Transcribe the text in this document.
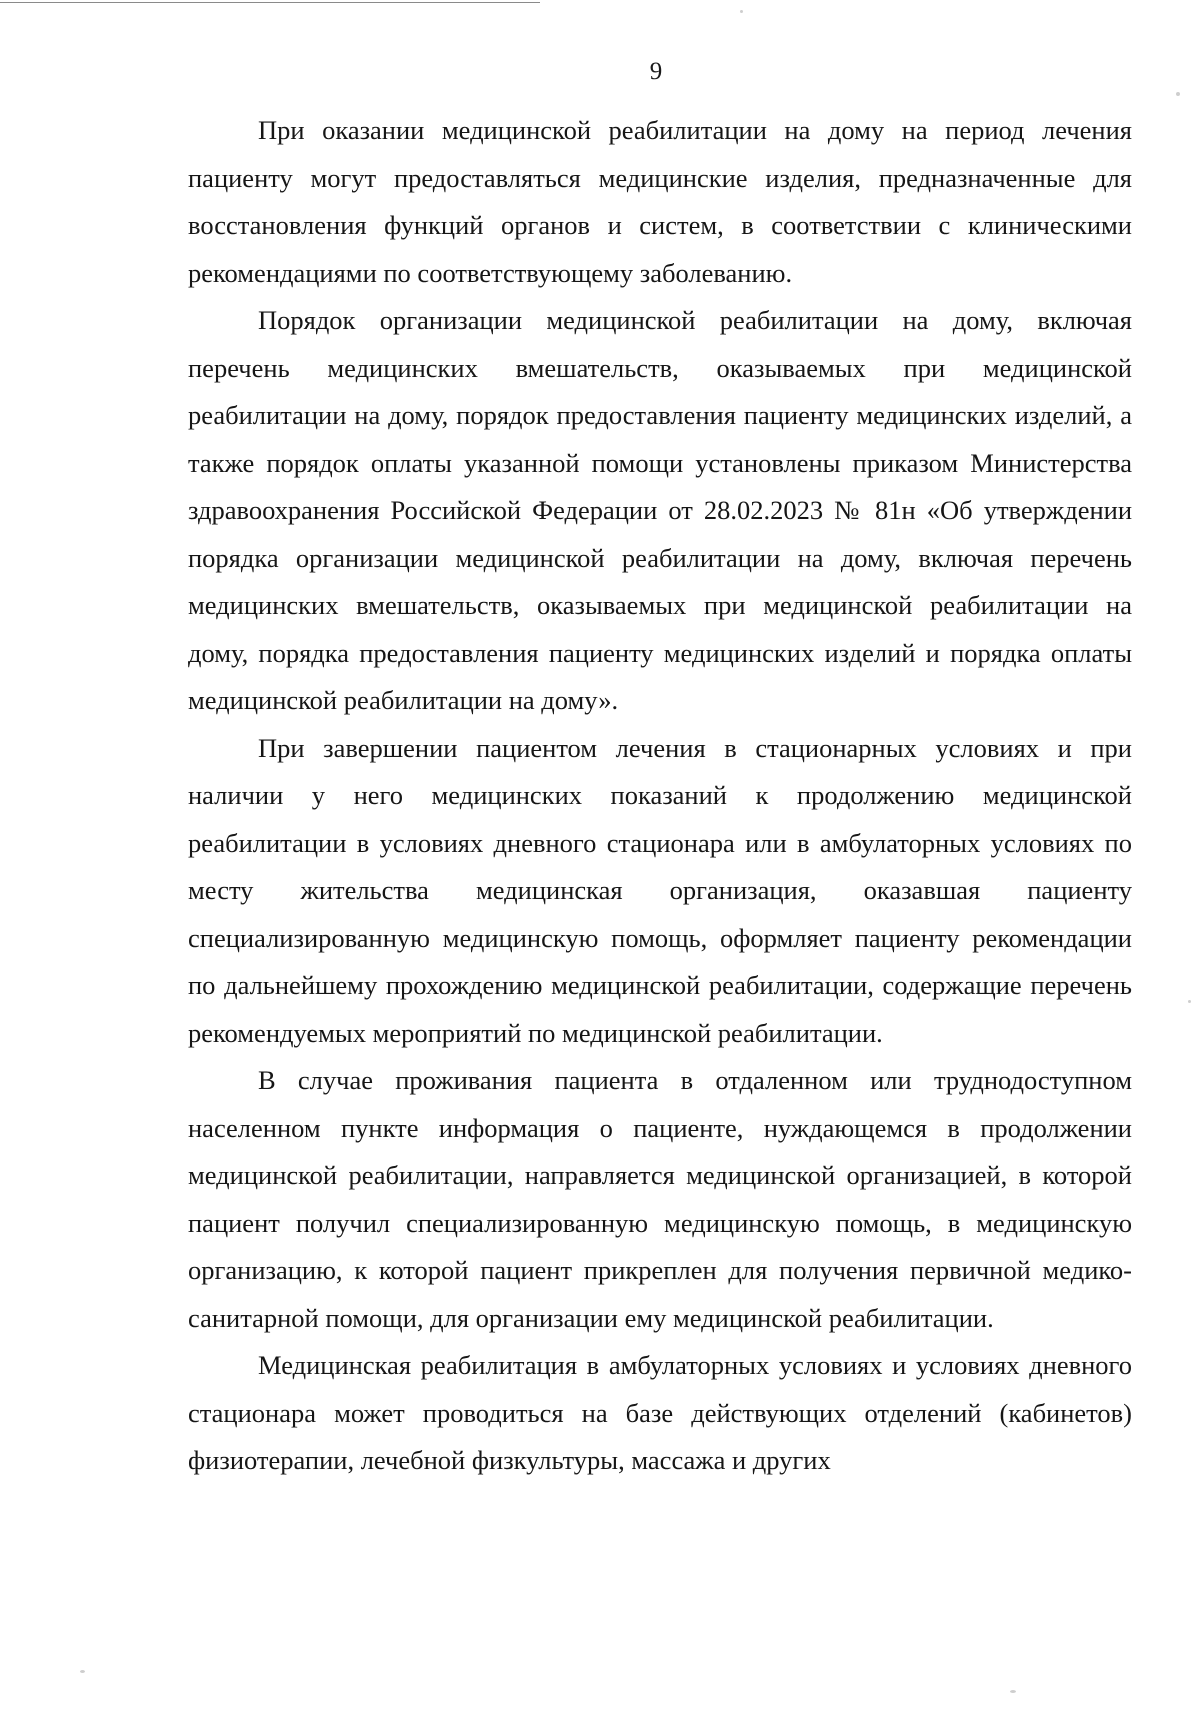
9

При оказании медицинской реабилитации на дому на период лечения пациенту могут предоставляться медицинские изделия, предназначенные для восстановления функций органов и систем, в соответствии с клиническими рекомендациями по соответствующему заболеванию.

Порядок организации медицинской реабилитации на дому, включая перечень медицинских вмешательств, оказываемых при медицинской реабилитации на дому, порядок предоставления пациенту медицинских изделий, а также порядок оплаты указанной помощи установлены приказом Министерства здравоохранения Российской Федерации от 28.02.2023 № 81н «Об утверждении порядка организации медицинской реабилитации на дому, включая перечень медицинских вмешательств, оказываемых при медицинской реабилитации на дому, порядка предоставления пациенту медицинских изделий и порядка оплаты медицинской реабилитации на дому».

При завершении пациентом лечения в стационарных условиях и при наличии у него медицинских показаний к продолжению медицинской реабилитации в условиях дневного стационара или в амбулаторных условиях по месту жительства медицинская организация, оказавшая пациенту специализированную медицинскую помощь, оформляет пациенту рекомендации по дальнейшему прохождению медицинской реабилитации, содержащие перечень рекомендуемых мероприятий по медицинской реабилитации.

В случае проживания пациента в отдаленном или труднодоступном населенном пункте информация о пациенте, нуждающемся в продолжении медицинской реабилитации, направляется медицинской организацией, в которой пациент получил специализированную медицинскую помощь, в медицинскую организацию, к которой пациент прикреплен для получения первичной медико-санитарной помощи, для организации ему медицинской реабилитации.

Медицинская реабилитация в амбулаторных условиях и условиях дневного стационара может проводиться на базе действующих отделений (кабинетов) физиотерапии, лечебной физкультуры, массажа и других
